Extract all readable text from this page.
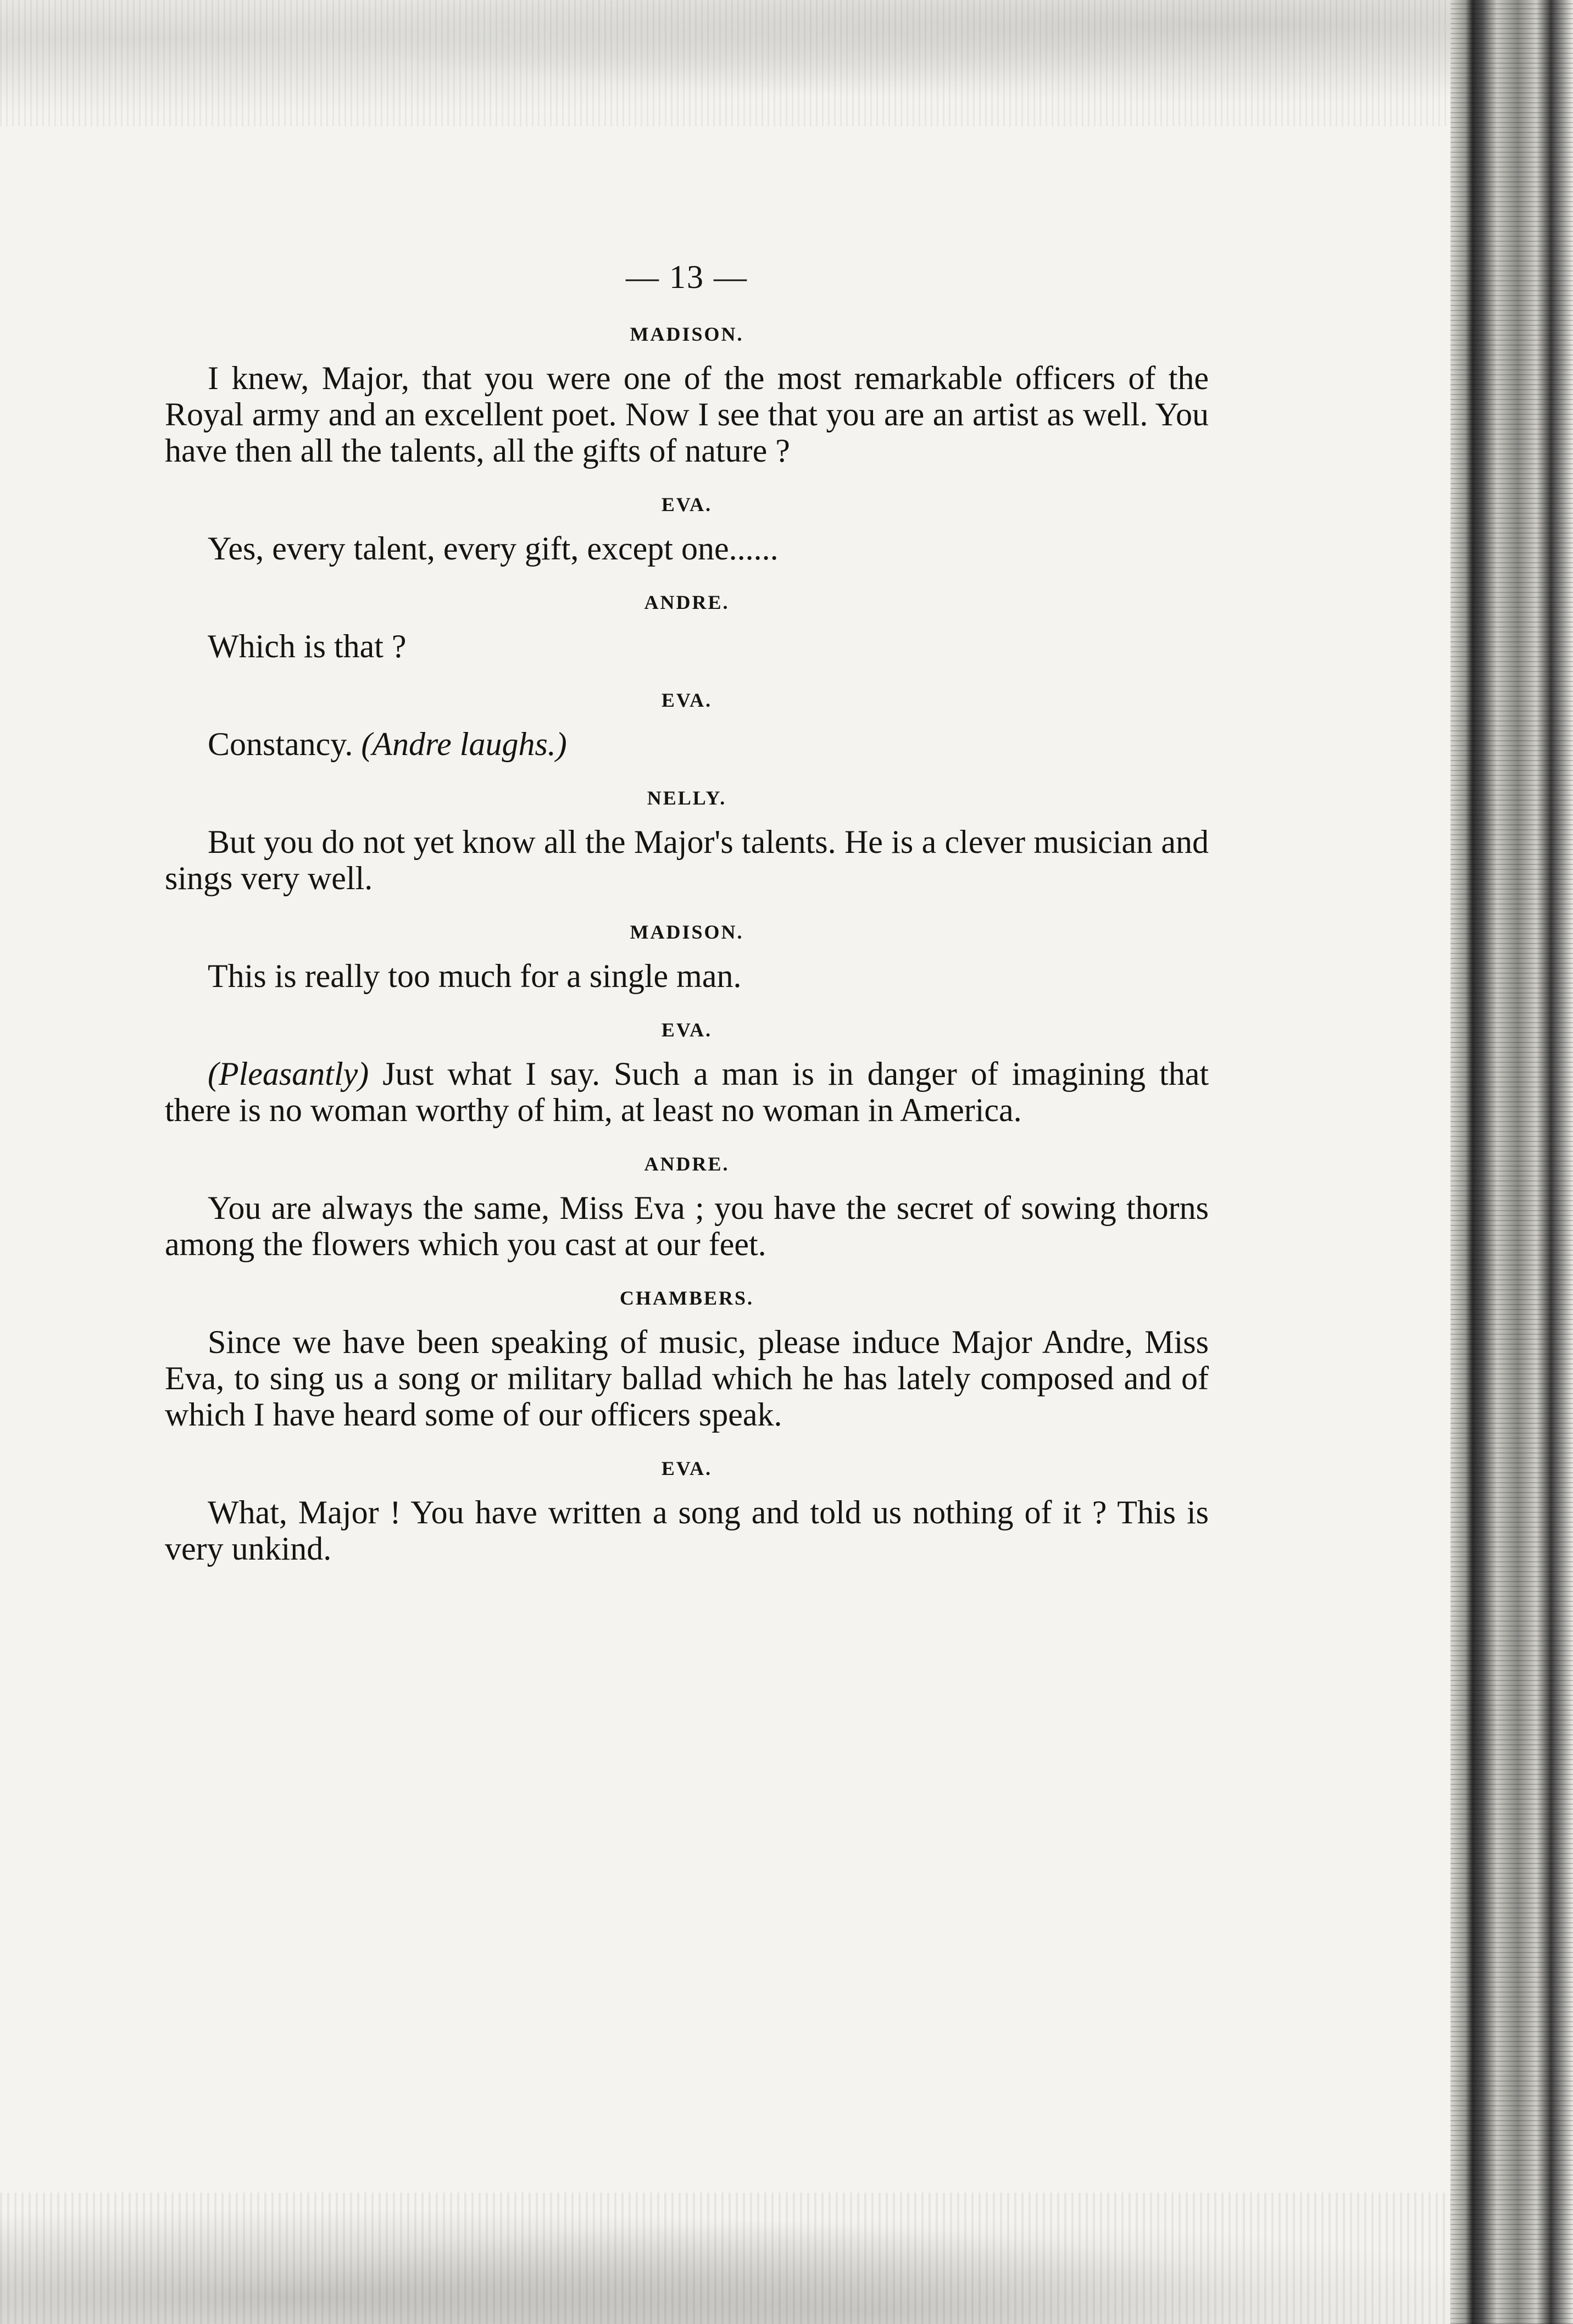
— 13 —
MADISON.

I knew, Major, that you were one of the most remarkable officers of the Royal army and an excellent poet. Now I see that you are an artist as well. You have then all the talents, all the gifts of nature ?

EVA.

Yes, every talent, every gift, except one......

ANDRE.

Which is that ?

EVA.

Constancy. (Andre laughs.)

NELLY.

But you do not yet know all the Major's talents. He is a clever musician and sings very well.

MADISON.

This is really too much for a single man.

EVA.

(Pleasantly) Just what I say. Such a man is in danger of imagining that there is no woman worthy of him, at least no woman in America.

ANDRE.

You are always the same, Miss Eva ; you have the secret of sowing thorns among the flowers which you cast at our feet.

CHAMBERS.

Since we have been speaking of music, please induce Major Andre, Miss Eva, to sing us a song or military ballad which he has lately composed and of which I have heard some of our officers speak.

EVA.

What, Major ! You have written a song and told us nothing of it ? This is very unkind.
